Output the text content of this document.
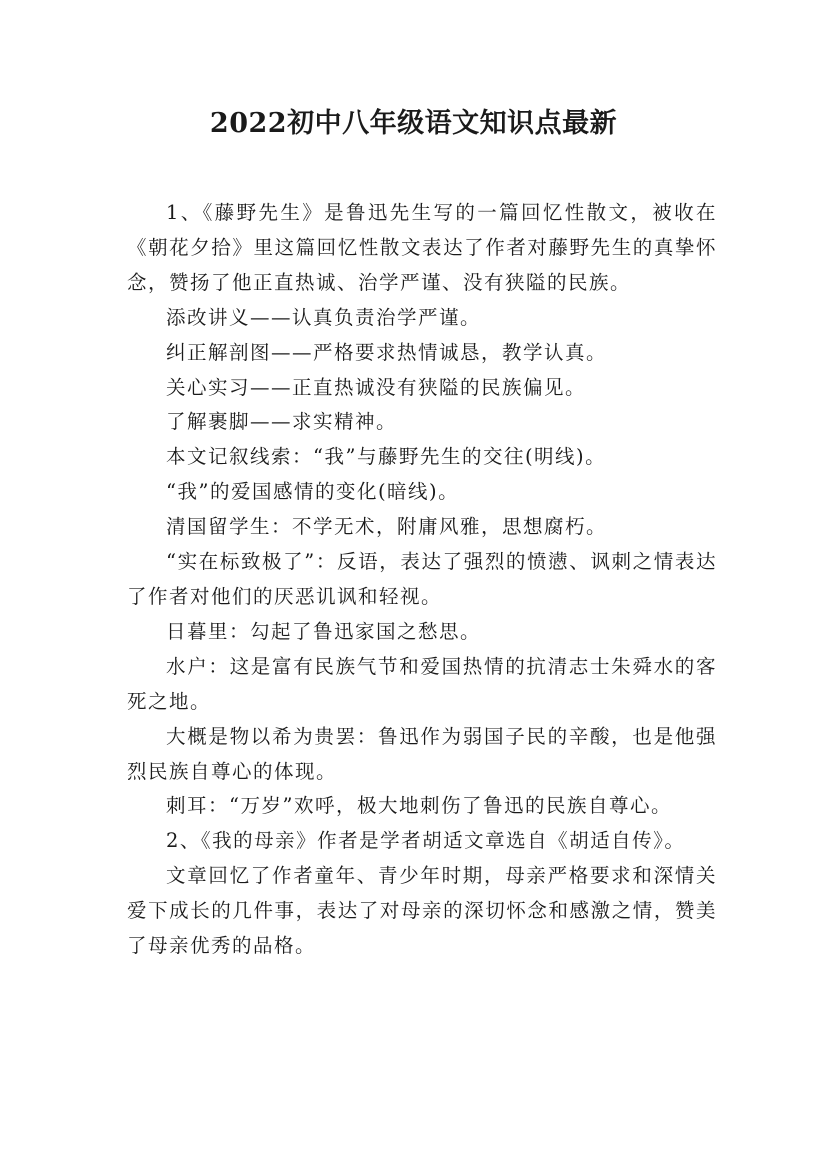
2022初中八年级语文知识点最新

1、《藤野先生》是鲁迅先生写的一篇回忆性散文，被收在《朝花夕拾》里这篇回忆性散文表达了作者对藤野先生的真挚怀念，赞扬了他正直热诚、治学严谨、没有狭隘的民族。

添改讲义——认真负责治学严谨。

纠正解剖图——严格要求热情诚恳，教学认真。

关心实习——正直热诚没有狭隘的民族偏见。

了解裹脚——求实精神。

本文记叙线索：“我”与藤野先生的交往(明线)。

“我”的爱国感情的变化(暗线)。

清国留学生：不学无术，附庸风雅，思想腐朽。

“实在标致极了”：反语，表达了强烈的愤懑、讽刺之情表达了作者对他们的厌恶讥讽和轻视。

日暮里：勾起了鲁迅家国之愁思。

水户：这是富有民族气节和爱国热情的抗清志士朱舜水的客死之地。

大概是物以希为贵罢：鲁迅作为弱国子民的辛酸，也是他强烈民族自尊心的体现。

刺耳：“万岁”欢呼，极大地刺伤了鲁迅的民族自尊心。

2、《我的母亲》作者是学者胡适文章选自《胡适自传》。

文章回忆了作者童年、青少年时期，母亲严格要求和深情关爱下成长的几件事，表达了对母亲的深切怀念和感激之情，赞美了母亲优秀的品格。
